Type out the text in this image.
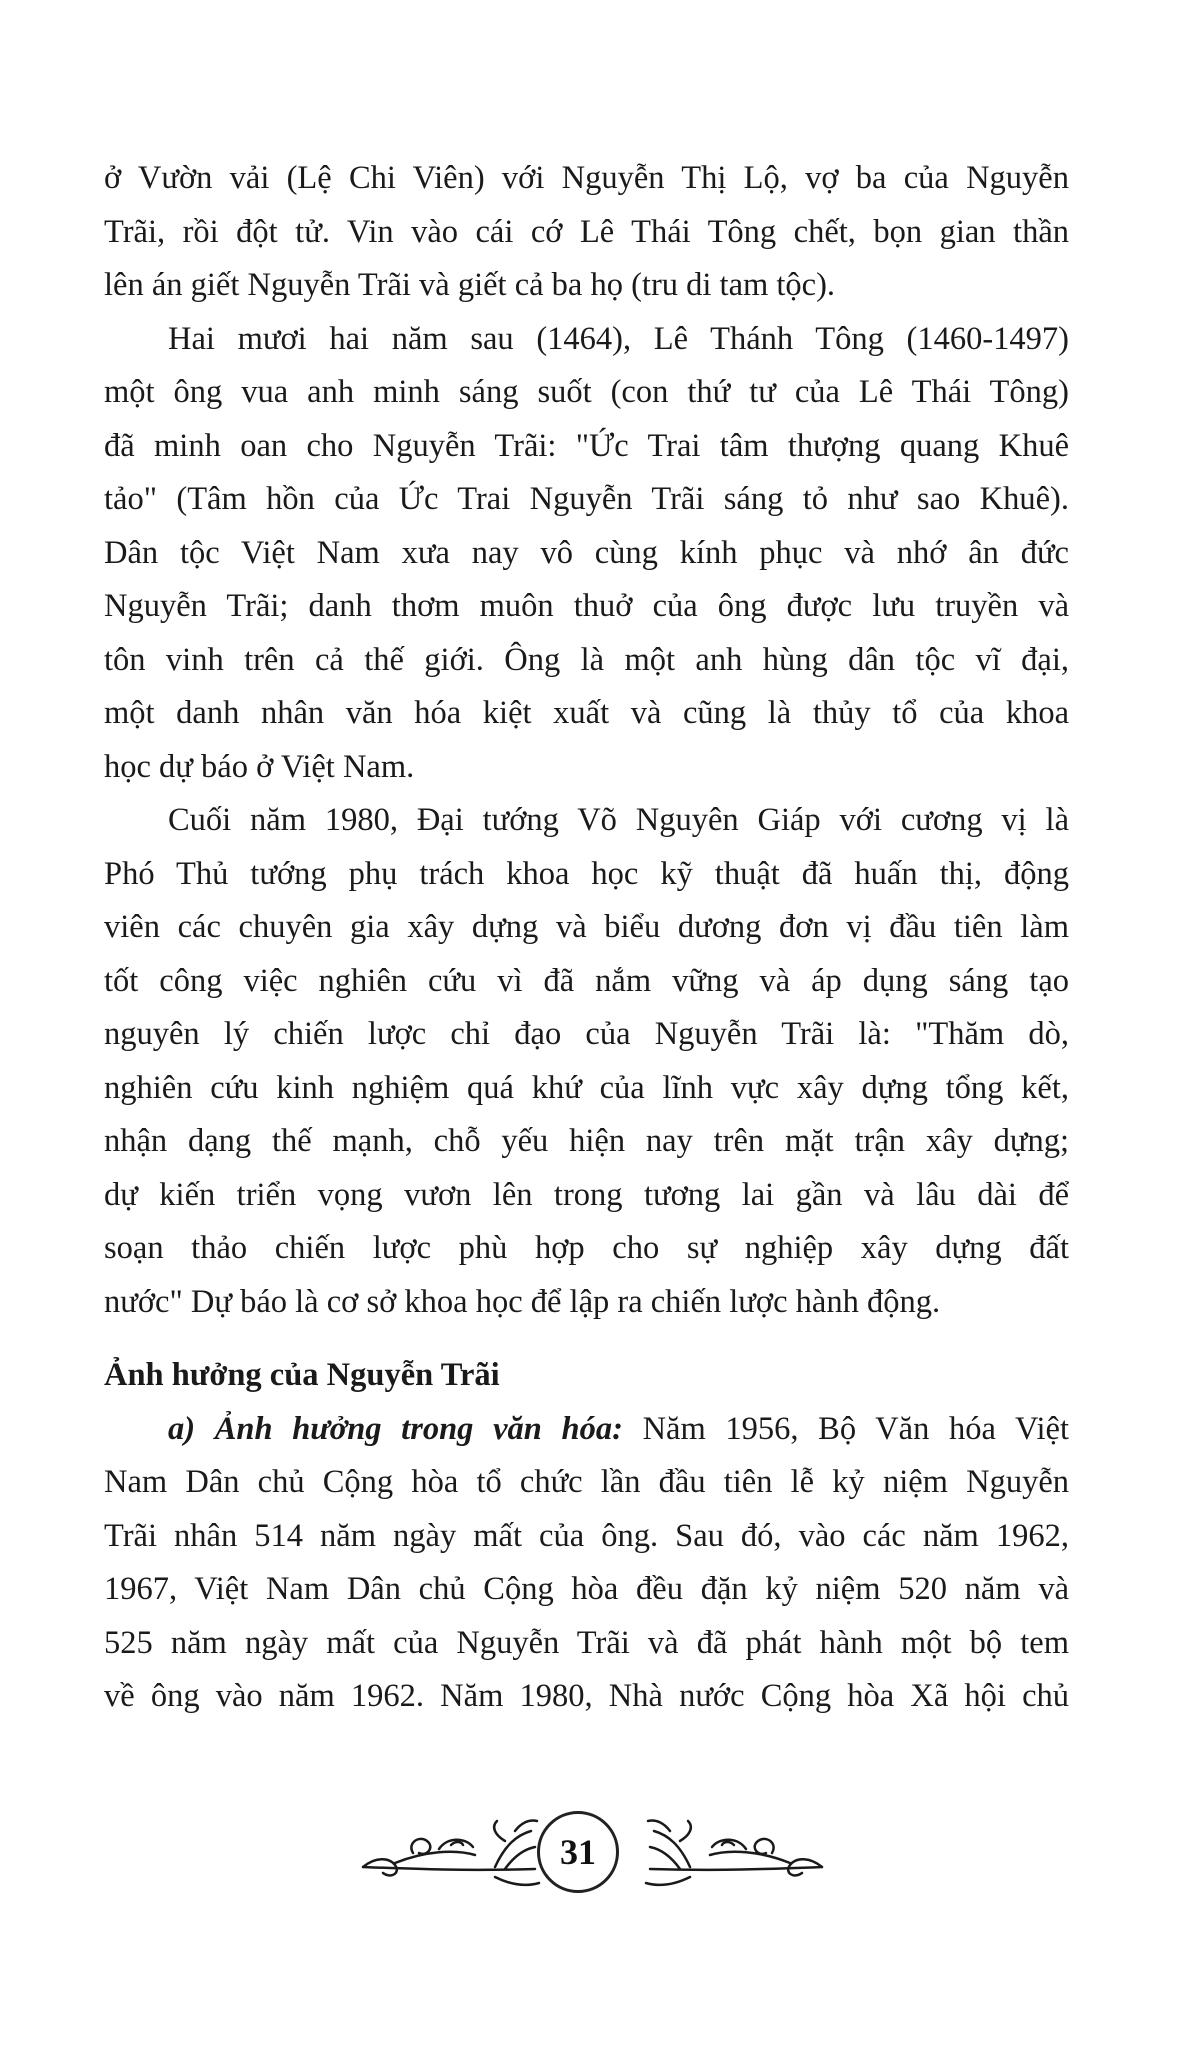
ở Vườn vải (Lệ Chi Viên) với Nguyễn Thị Lộ, vợ ba của Nguyễn
Trãi, rồi đột tử. Vin vào cái cớ Lê Thái Tông chết, bọn gian thần
lên án giết Nguyễn Trãi và giết cả ba họ (tru di tam tộc).
Hai mươi hai năm sau (1464), Lê Thánh Tông (1460-1497)
một ông vua anh minh sáng suốt (con thứ tư của Lê Thái Tông)
đã minh oan cho Nguyễn Trãi: "Ức Trai tâm thượng quang Khuê
tảo" (Tâm hồn của Ức Trai Nguyễn Trãi sáng tỏ như sao Khuê).
Dân tộc Việt Nam xưa nay vô cùng kính phục và nhớ ân đức
Nguyễn Trãi; danh thơm muôn thuở của ông được lưu truyền và
tôn vinh trên cả thế giới. Ông là một anh hùng dân tộc vĩ đại,
một danh nhân văn hóa kiệt xuất và cũng là thủy tổ của khoa
học dự báo ở Việt Nam.
Cuối năm 1980, Đại tướng Võ Nguyên Giáp với cương vị là
Phó Thủ tướng phụ trách khoa học kỹ thuật đã huấn thị, động
viên các chuyên gia xây dựng và biểu dương đơn vị đầu tiên làm
tốt công việc nghiên cứu vì đã nắm vững và áp dụng sáng tạo
nguyên lý chiến lược chỉ đạo của Nguyễn Trãi là: "Thăm dò,
nghiên cứu kinh nghiệm quá khứ của lĩnh vực xây dựng tổng kết,
nhận dạng thế mạnh, chỗ yếu hiện nay trên mặt trận xây dựng;
dự kiến triển vọng vươn lên trong tương lai gần và lâu dài để
soạn thảo chiến lược phù hợp cho sự nghiệp xây dựng đất
nước" Dự báo là cơ sở khoa học để lập ra chiến lược hành động.
Ảnh hưởng của Nguyễn Trãi
a) Ảnh hưởng trong văn hóa: Năm 1956, Bộ Văn hóa Việt
Nam Dân chủ Cộng hòa tổ chức lần đầu tiên lễ kỷ niệm Nguyễn
Trãi nhân 514 năm ngày mất của ông. Sau đó, vào các năm 1962,
1967, Việt Nam Dân chủ Cộng hòa đều đặn kỷ niệm 520 năm và
525 năm ngày mất của Nguyễn Trãi và đã phát hành một bộ tem
về ông vào năm 1962. Năm 1980, Nhà nước Cộng hòa Xã hội chủ
31
